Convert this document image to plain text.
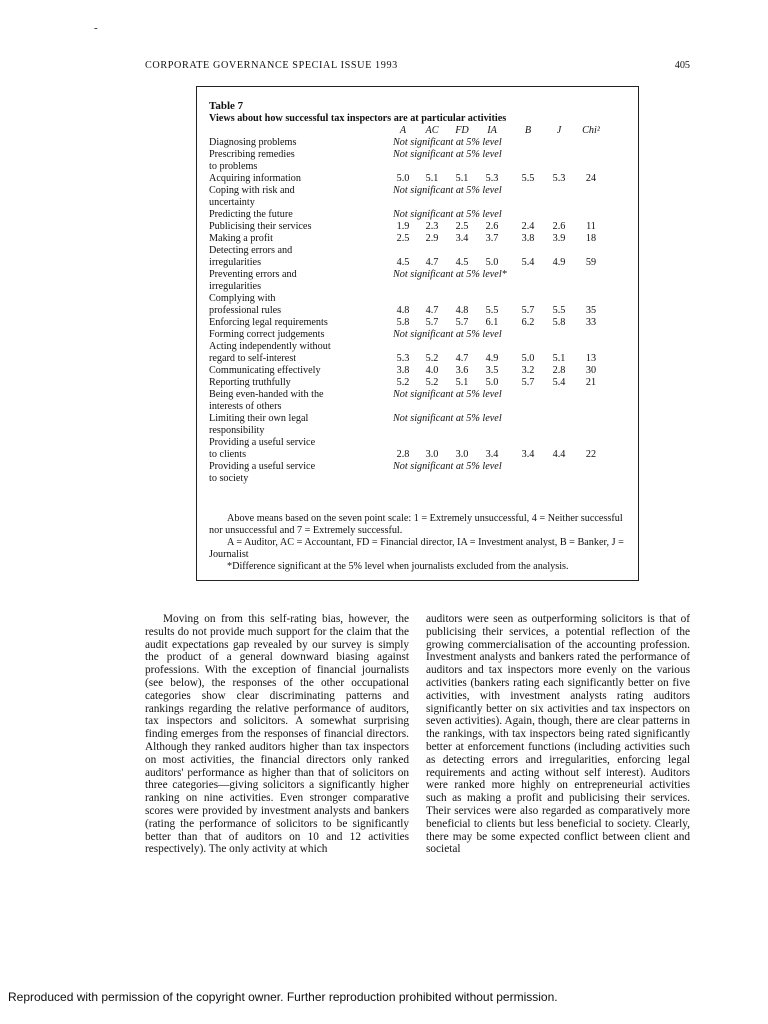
-
CORPORATE GOVERNANCE SPECIAL ISSUE 1993	405
Table 7
Views about how successful tax inspectors are at particular activities
A	AC	FD	IA	B	J	Chi²
Diagnosing problems	Not significant at 5% level
Prescribing remedies	Not significant at 5% level
to problems
Acquiring information	5.0	5.1	5.1	5.3	5.5	5.3	24
Coping with risk and	Not significant at 5% level
uncertainty
Predicting the future	Not significant at 5% level
Publicising their services	1.9	2.3	2.5	2.6	2.4	2.6	11
Making a profit	2.5	2.9	3.4	3.7	3.8	3.9	18
Detecting errors and
irregularities	4.5	4.7	4.5	5.0	5.4	4.9	59
Preventing errors and	Not significant at 5% level*
irregularities
Complying with
professional rules	4.8	4.7	4.8	5.5	5.7	5.5	35
Enforcing legal requirements	5.8	5.7	5.7	6.1	6.2	5.8	33
Forming correct judgements	Not significant at 5% level
Acting independently without
regard to self-interest	5.3	5.2	4.7	4.9	5.0	5.1	13
Communicating effectively	3.8	4.0	3.6	3.5	3.2	2.8	30
Reporting truthfully	5.2	5.2	5.1	5.0	5.7	5.4	21
Being even-handed with the	Not significant at 5% level
interests of others
Limiting their own legal	Not significant at 5% level
responsibility
Providing a useful service
to clients	2.8	3.0	3.0	3.4	3.4	4.4	22
Providing a useful service	Not significant at 5% level
to society

Above means based on the seven point scale: 1 = Extremely unsuccessful, 4 = Neither successful nor unsuccessful and 7 = Extremely successful.

A = Auditor, AC = Accountant, FD = Financial director, IA = Investment analyst, B = Banker, J = Journalist

*Difference significant at the 5% level when journalists excluded from the analysis.

Moving on from this self-rating bias, however, the results do not provide much support for the claim that the audit expectations gap revealed by our survey is simply the product of a general downward biasing against professions. With the exception of financial journalists (see below), the responses of the other occupational categories show clear discriminating patterns and rankings regarding the relative performance of auditors, tax inspectors and solicitors. A somewhat surprising finding emerges from the responses of financial directors. Although they ranked auditors higher than tax inspectors on most activities, the financial directors only ranked auditors' performance as higher than that of solicitors on three categories—giving solicitors a significantly higher ranking on nine activities. Even stronger comparative scores were provided by investment analysts and bankers (rating the performance of solicitors to be significantly better than that of auditors on 10 and 12 activities respectively). The only activity at which
auditors were seen as outperforming solicitors is that of publicising their services, a potential reflection of the growing commercialisation of the accounting profession. Investment analysts and bankers rated the performance of auditors and tax inspectors more evenly on the various activities (bankers rating each significantly better on five activities, with investment analysts rating auditors significantly better on six activities and tax inspectors on seven activities). Again, though, there are clear patterns in the rankings, with tax inspectors being rated significantly better at enforcement functions (including activities such as detecting errors and irregularities, enforcing legal requirements and acting without self interest). Auditors were ranked more highly on entrepreneurial activities such as making a profit and publicising their services. Their services were also regarded as comparatively more beneficial to clients but less beneficial to society. Clearly, there may be some expected conflict between client and societal
Reproduced with permission of the copyright owner. Further reproduction prohibited without permission.
